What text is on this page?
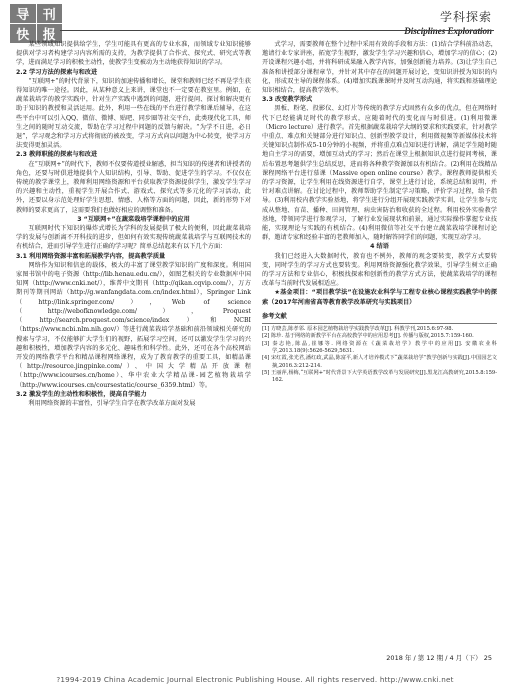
导	刊
快	报
学科探索
Disciplines Exploration
某些领域知识提供给学生，学生可能具有更高的专业水准，而领域专业知识能够提供对学习者构建学习内容所需的支持，为教学提供了合作式、探究式、研究式等教学，进而满足学习的积极主动性，使教学生变被动为主动地获得知识的学习。
2.2 学习方法的探索与和改进
“互联网+”的时代背景下，知识的加速传播和增长，课堂和教师已经不再是学生获得知识的唯一途径。因此，从某种意义上来讲，课堂也不一定要在教室里。例如，在蔬菜栽培学的教学实践中，针对生产实践中遇到的问题，进行提问、探讨和解决更有助于知识的教授和灵活运用。此外，利用一些在线的平台进行教学和课后辅导，在这些平台中可以引入QQ、微信、微博、贴吧、同步圈等社交平台，此类现代化工具，师生之间的随时互动交流，帮助在学习过程中问题的反馈与解决。“为学不日进，必日退”，学习观念和学习方式将彻底的被改变，学习方式向以问题为中心转变，使学习方法变得更加灵活。
2.3 教师职能的探索与和改进
在“互联网+”的时代下，教师不仅要传道授业解惑，担当知识的传递者和讲授者的角色，还要与时俱进地提供个人知识结构，引导、帮助、促进学生的学习。不仅仅在传统的教学课堂上，教师利用网络资源和平台获取教学资源提供学生，激发学生学习的兴趣和主动性，重视学生开展合作式、游戏式、探究式等多元化的学习活动，此外，还要以身示范处理好学生思想、情感、人格等方面的问题，因此，新的形势下对教师的要求更高了，这需要我们也做好相应的调整和准备。
3 “互联网+”在蔬菜栽培学课程中的应用
互联网时代下知识的爆炸式增长为学科的发展提供了极大的便利，因此蔬菜栽培学的发展与创新离不开科技的进步，但如何有效实现传统蔬菜栽培学与互联网技术的有机结合，进而引导学生进行正确的学习呢？简单总结起来有以下几个方面：
3.1 利用网络资源丰富和拓展教学内容，提高教学质量
网络作为知识和信息的载体，极大的丰富了课堂教学知识的广度和深度。利用国家图书馆中的电子资源（http://lib.henau.edu.cn/），如图艺相关的专业数据库中国知网（http://www.cnki.net/），维普中文期刊（http://qikan.cqvip.com/），万方期刊等期刊网站（http://g.wanfangdata.com.cn/index.html），Springer Link（http://link.springer.com/），Web of science（http://webofknowledge.com/），Proquest（http://search.proquest.com/science/index）和NCBI（https://www.ncbi.nlm.nih.gov/）等进行蔬菜栽培学基础和前沿领域相关研究的搜索与学习，不仅能够扩大学生们的视野，拓展学习空间，还可以激发学生学习的兴趣和积极性，增加教学内容的多元化、趣味性和科学性。此外，还可在各个高校网站开发的网络教学平台和精品课程网络课程，成为了教育教学的重要工具，如精品课（http://resource.jingpinke.com/）、中国大学精品开放课程（http://www.icourses.cn/home）、华中农业大学精品课-园艺植物栽培学（http://www.icourses.cn/coursestatic/course_6359.html）等。
3.2 激发学生的主动性和积极性，提高自学能力
利用网络资源的丰富性，引导学生自学在教学改革方面对发展
式学习，需要教师在整个过程中采用有效的手段和方法：(1)结合学科前沿动态，邀请行业专家讲座，拓宽学生视野，激发学生学习兴趣和信心，增加学习的信心；(2)开设课程兴趣小组，并将科研成果融入教学内容，加强创新能力培养。(3)让学生自己准备和讲授部分课程章节，并针对其中存在的问题开展讨论，变知识讲授为知识的内化，形成双主导的课程体系。(4)增加实践课课时并及时互动沟通，将实践和基础理论知识相结合，提高教学效率。
3.3 改变教学形式
黑板、粉笔、投影仪、幻灯片等传统的教学方式固然有众多的优点，但在网络时代下已经能满足时代的教学形式，应随着时代的变化而与时俱进。(1)利用微课（Micro lecture）进行教学。首先根据蔬菜栽培学大纲的要求和实践要求，针对教学中重点、难点和关键部分进行知识点、创新型教学设计，利用微视频等新媒体技术将关键知识点制作成5-10分钟的小视频，并将重点难点知识进行讲解，满足学生随时随地自主学习的需要，增加互动式的学习；然后在课堂上根据知识点进行提问考核，课后布置思考题供学生总结反思，进而将各种教学资源加以有机结合。(2)利用在线精品课程网络平台进行慕课（Massive open online course）教学。课程教师提供相关的学习资源，让学生利用在线资源进行自学，课堂上进行讨论，系统总结和说明，并针对难点讲解。在讨论过程中，教师帮助学生制定学习策略，评价学习过程，给予指导。(3)利用校内教学实验基地，将学生进行分组开展现实践教学实训，让学生参与完成从整地、育苗、播种、田间管理、病虫害防治和收获的全过程。利用校外实验教学基地，带领同学进行参观学习，了解行业发展现状和前景，通过实际操作掌握专业技能，实现理论与实践的有机结合。(4)利用微信等社交平台建立蔬菜栽培学课程讨论群，邀请专家和经验丰富的老教师加入，随时解答同学们的问题，实现互动学习。
4 结语
我们已经进入大数据时代，教育也不例外，教师的观念要转变，教学方式要转变，同时学生的学习方式也要转变。利用网络资源强化教学效果，引导学生树立正确的学习方法和专业信心，积极找探索和创新性的教学方式方法，使蔬菜栽培学的课程改革与当前时代发展相适应。
★基金项目：“项目教学法”在设施农业科学与工程专业核心课程实践教学中的探索（2017年河南省高等教育教学改革研究与实践项目）
参考文献
[1] 方晓芸,陈孝邻. 原本园艺植物栽培学实践教学改革[J]. 科教学刊,2015.6:97-98.
[2] 陈珍. 基于网络的新教学平台在高校教学中的应用思考[J]. 传播与版权,2015.7:159-160.
[3] 秦志艳,陈晶,崔娜等. 网络资源在《蔬菜栽培学》教学中的应用[J]. 安徽农业科学,2013.18(9):5626-5629,5631.
[4] 宋红霞,张光君,潘红政,武晶,陈富平,新人才培养模式下“蔬菜栽培学”教学创新与实践[J].中国园艺文摘,2016.3:212-214.
[5] 王丽萍,杨梅,“互联网+”时代背景下大学英语教学改革与发展研究[J].黑龙江高教研究,2015.8:159-162.
2018 年 / 第 12 期 / 4 月（下） 25
?1994-2019 China Academic Journal Electronic Publishing House. All rights reserved. http://www.cnki.net
